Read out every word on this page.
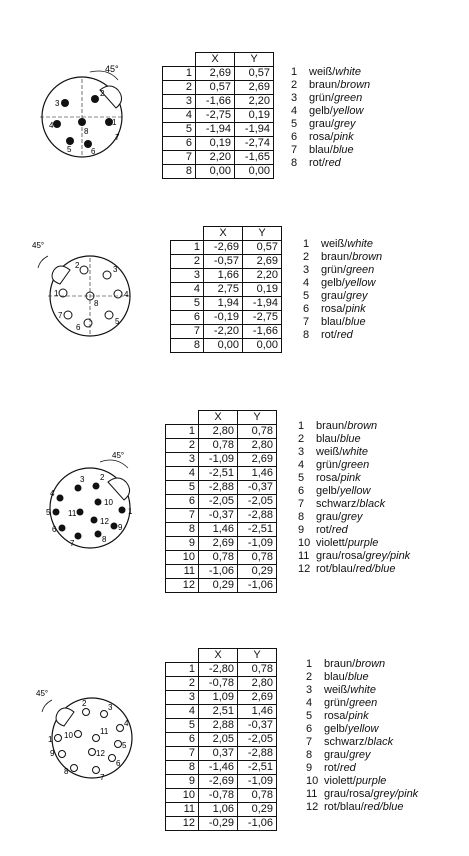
45°
1
2
3
4
5 6
7
8
	X	Y
1	2,69	0,57
2	0,57	2,69
3	-1,66	2,20
4	-2,75	0,19
5	-1,94	-1,94
6	0,19	-2,74
7	2,20	-1,65
8	0,00	0,00
1	weiß / white
2	braun / brown
3	grün / green
4	gelb / yellow
5	grau / grey
6	rosa / pink
7	blau / blue
8	rot / red
45°
1
2	3
4
5
6
7
8
	X	Y
1	-2,69	0,57
2	-0,57	2,69
3	1,66	2,20
4	2,75	0,19
5	1,94	-1,94
6	-0,19	-2,75
7	-2,20	-1,66
8	0,00	0,00
1	weiß / white
2	braun / brown
3	grün / green
4	gelb / yellow
5	grau / grey
6	rosa / pink
7	blau / blue
8	rot / red
45°
2
3
4
5
6
7	8
9
10
11
12
1
	X	Y
1	2,80	0,78
2	0,78	2,80
3	-1,09	2,69
4	-2,51	1,46
5	-2,88	-0,37
6	-2,05	-2,05
7	-0,37	-2,88
8	1,46	-2,51
9	2,69	-1,09
10	0,78	0,78
11	-1,06	0,29
12	0,29	-1,06
1	braun / brown
2	blau / blue
3	weiß / white
4	grün / green
5	rosa / pink
6	gelb / yellow
7	schwarz / black
8	grau / grey
9	rot / red
10 violett / purple
11 grau/rosa / grey/pink
12 rot/blau / red/blue
45°
2	3
4
5
6
7
8
9
10	11
12
1
	X	Y
1	-2,80	0,78
2	-0,78	2,80
3	1,09	2,69
4	2,51	1,46
5	2,88	-0,37
6	2,05	-2,05
7	0,37	-2,88
8	-1,46	-2,51
9	-2,69	-1,09
10	-0,78	0,78
11	1,06	0,29
12	-0,29	-1,06
1	braun / brown
2	blau / blue
3	weiß / white
4	grün / green
5	rosa / pink
6	gelb / yellow
7	schwarz / black
8	grau / grey
9	rot / red
10 violett / purple
11 grau/rosa / grey/pink
12 rot/blau / red/blue
